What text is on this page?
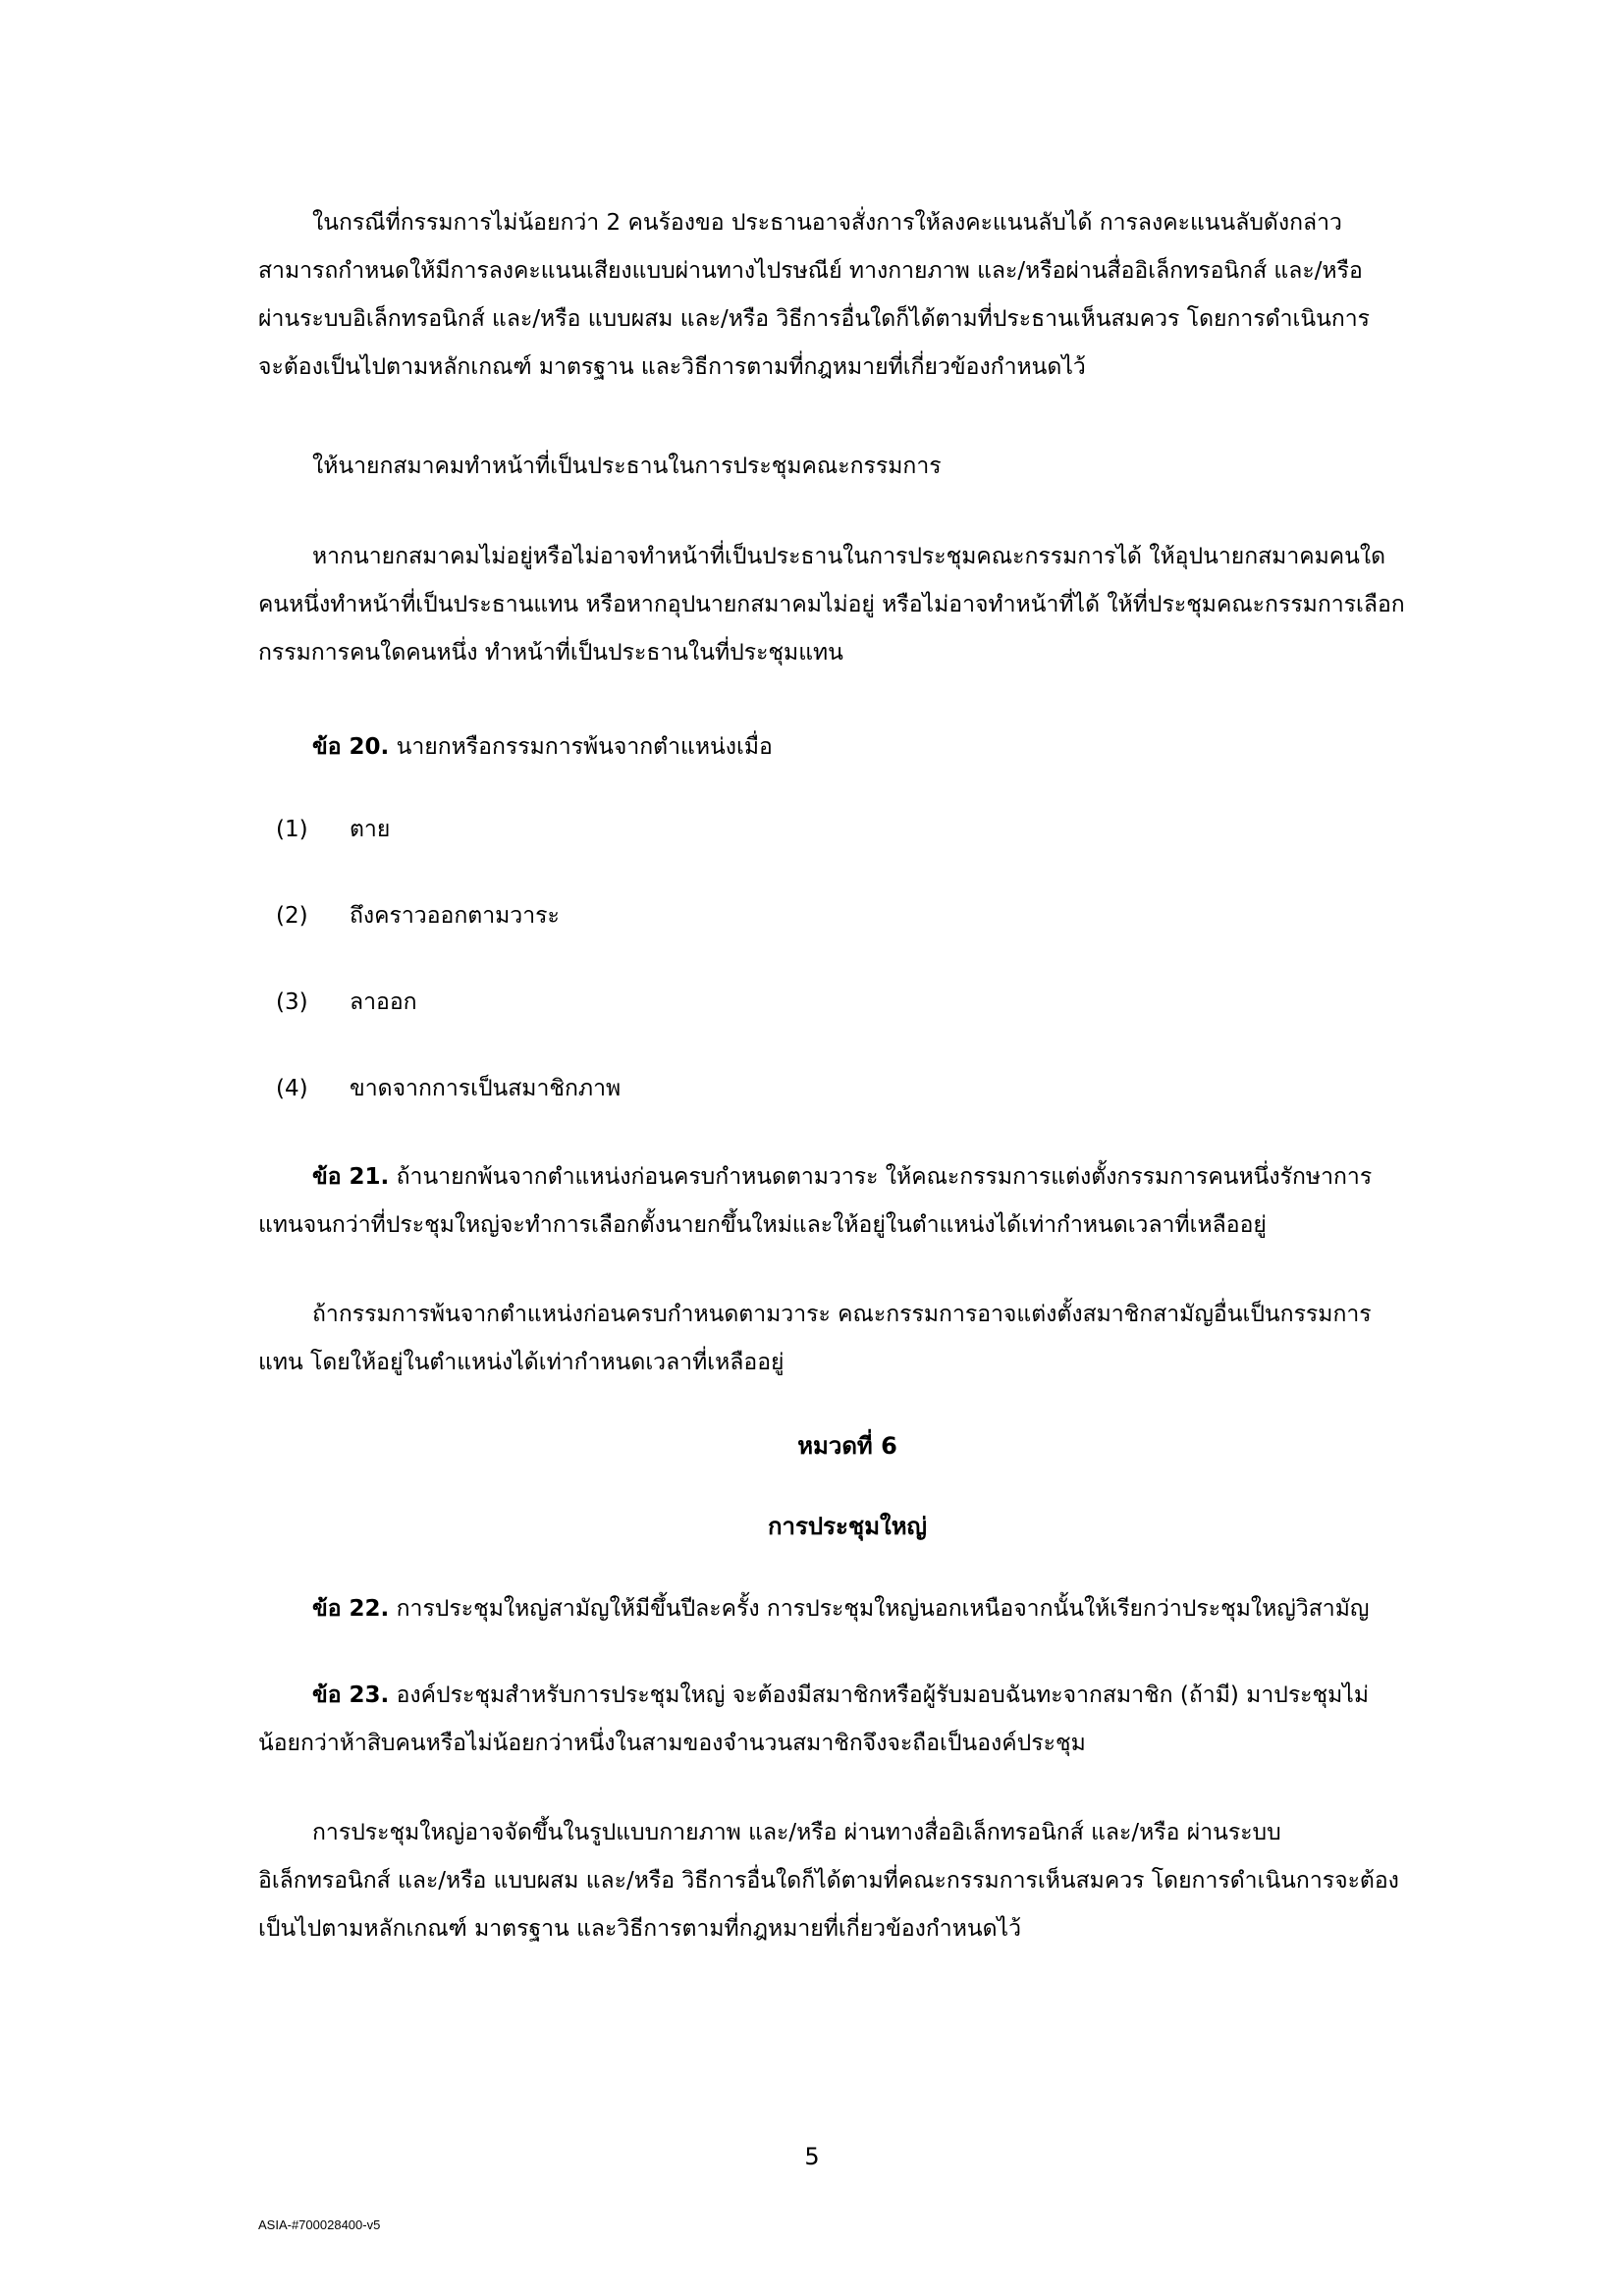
ในกรณีที่กรรมการไม่น้อยกว่า 2 คนร้องขอ ประธานอาจสั่งการให้ลงคะแนนลับได้ การลงคะแนนลับดังกล่าว
สามารถกำหนดให้มีการลงคะแนนเสียงแบบผ่านทางไปรษณีย์ ทางกายภาพ และ/หรือผ่านสื่ออิเล็กทรอนิกส์ และ/หรือ
ผ่านระบบอิเล็กทรอนิกส์ และ/หรือ แบบผสม และ/หรือ วิธีการอื่นใดก็ได้ตามที่ประธานเห็นสมควร โดยการดำเนินการ
จะต้องเป็นไปตามหลักเกณฑ์ มาตรฐาน และวิธีการตามที่กฎหมายที่เกี่ยวข้องกำหนดไว้
ให้นายกสมาคมทำหน้าที่เป็นประธานในการประชุมคณะกรรมการ
หากนายกสมาคมไม่อยู่หรือไม่อาจทำหน้าที่เป็นประธานในการประชุมคณะกรรมการได้ ให้อุปนายกสมาคมคนใด
คนหนึ่งทำหน้าที่เป็นประธานแทน หรือหากอุปนายกสมาคมไม่อยู่ หรือไม่อาจทำหน้าที่ได้ ให้ที่ประชุมคณะกรรมการเลือก
กรรมการคนใดคนหนึ่ง ทำหน้าที่เป็นประธานในที่ประชุมแทน
ข้อ 20. นายกหรือกรรมการพ้นจากตำแหน่งเมื่อ
(1) ตาย
(2) ถึงคราวออกตามวาระ
(3) ลาออก
(4) ขาดจากการเป็นสมาชิกภาพ
ข้อ 21. ถ้านายกพ้นจากตำแหน่งก่อนครบกำหนดตามวาระ ให้คณะกรรมการแต่งตั้งกรรมการคนหนึ่งรักษาการ
แทนจนกว่าที่ประชุมใหญ่จะทำการเลือกตั้งนายกขึ้นใหม่และให้อยู่ในตำแหน่งได้เท่ากำหนดเวลาที่เหลืออยู่
ถ้ากรรมการพ้นจากตำแหน่งก่อนครบกำหนดตามวาระ คณะกรรมการอาจแต่งตั้งสมาชิกสามัญอื่นเป็นกรรมการ
แทน โดยให้อยู่ในตำแหน่งได้เท่ากำหนดเวลาที่เหลืออยู่
หมวดที่ 6
การประชุมใหญ่
ข้อ 22. การประชุมใหญ่สามัญให้มีขึ้นปีละครั้ง การประชุมใหญ่นอกเหนือจากนั้นให้เรียกว่าประชุมใหญ่วิสามัญ
ข้อ 23. องค์ประชุมสำหรับการประชุมใหญ่ จะต้องมีสมาชิกหรือผู้รับมอบฉันทะจากสมาชิก (ถ้ามี) มาประชุมไม่
น้อยกว่าห้าสิบคนหรือไม่น้อยกว่าหนึ่งในสามของจำนวนสมาชิกจึงจะถือเป็นองค์ประชุม
การประชุมใหญ่อาจจัดขึ้นในรูปแบบกายภาพ และ/หรือ ผ่านทางสื่ออิเล็กทรอนิกส์ และ/หรือ ผ่านระบบ
อิเล็กทรอนิกส์ และ/หรือ แบบผสม และ/หรือ วิธีการอื่นใดก็ได้ตามที่คณะกรรมการเห็นสมควร โดยการดำเนินการจะต้อง
เป็นไปตามหลักเกณฑ์ มาตรฐาน และวิธีการตามที่กฎหมายที่เกี่ยวข้องกำหนดไว้
5
ASIA-#700028400-v5
